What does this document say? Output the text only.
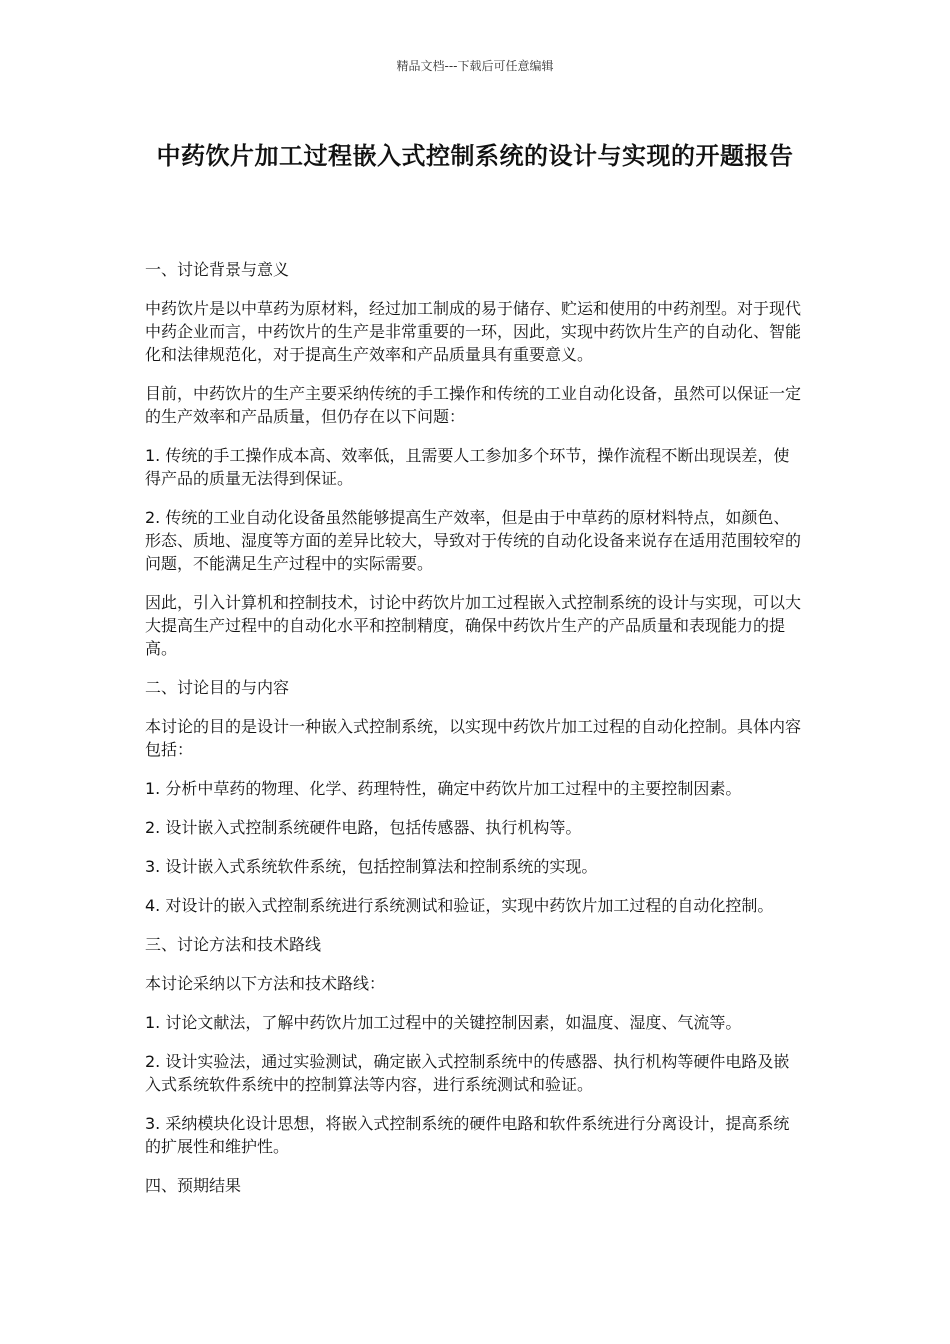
精品文档---下载后可任意编辑
中药饮片加工过程嵌入式控制系统的设计与实现的开题报告

一、讨论背景与意义

中药饮片是以中草药为原材料，经过加工制成的易于储存、贮运和使用的中药剂型。对于现代中药企业而言，中药饮片的生产是非常重要的一环，因此，实现中药饮片生产的自动化、智能化和法律规范化，对于提高生产效率和产品质量具有重要意义。

目前，中药饮片的生产主要采纳传统的手工操作和传统的工业自动化设备，虽然可以保证一定的生产效率和产品质量，但仍存在以下问题：

1. 传统的手工操作成本高、效率低，且需要人工参加多个环节，操作流程不断出现误差，使得产品的质量无法得到保证。

2. 传统的工业自动化设备虽然能够提高生产效率，但是由于中草药的原材料特点，如颜色、形态、质地、湿度等方面的差异比较大，导致对于传统的自动化设备来说存在适用范围较窄的问题，不能满足生产过程中的实际需要。

因此，引入计算机和控制技术，讨论中药饮片加工过程嵌入式控制系统的设计与实现，可以大大提高生产过程中的自动化水平和控制精度，确保中药饮片生产的产品质量和表现能力的提高。

二、讨论目的与内容

本讨论的目的是设计一种嵌入式控制系统，以实现中药饮片加工过程的自动化控制。具体内容包括：

1. 分析中草药的物理、化学、药理特性，确定中药饮片加工过程中的主要控制因素。

2. 设计嵌入式控制系统硬件电路，包括传感器、执行机构等。

3. 设计嵌入式系统软件系统，包括控制算法和控制系统的实现。

4. 对设计的嵌入式控制系统进行系统测试和验证，实现中药饮片加工过程的自动化控制。

三、讨论方法和技术路线

本讨论采纳以下方法和技术路线：

1. 讨论文献法，了解中药饮片加工过程中的关键控制因素，如温度、湿度、气流等。

2. 设计实验法，通过实验测试，确定嵌入式控制系统中的传感器、执行机构等硬件电路及嵌入式系统软件系统中的控制算法等内容，进行系统测试和验证。

3. 采纳模块化设计思想，将嵌入式控制系统的硬件电路和软件系统进行分离设计，提高系统的扩展性和维护性。

四、预期结果
